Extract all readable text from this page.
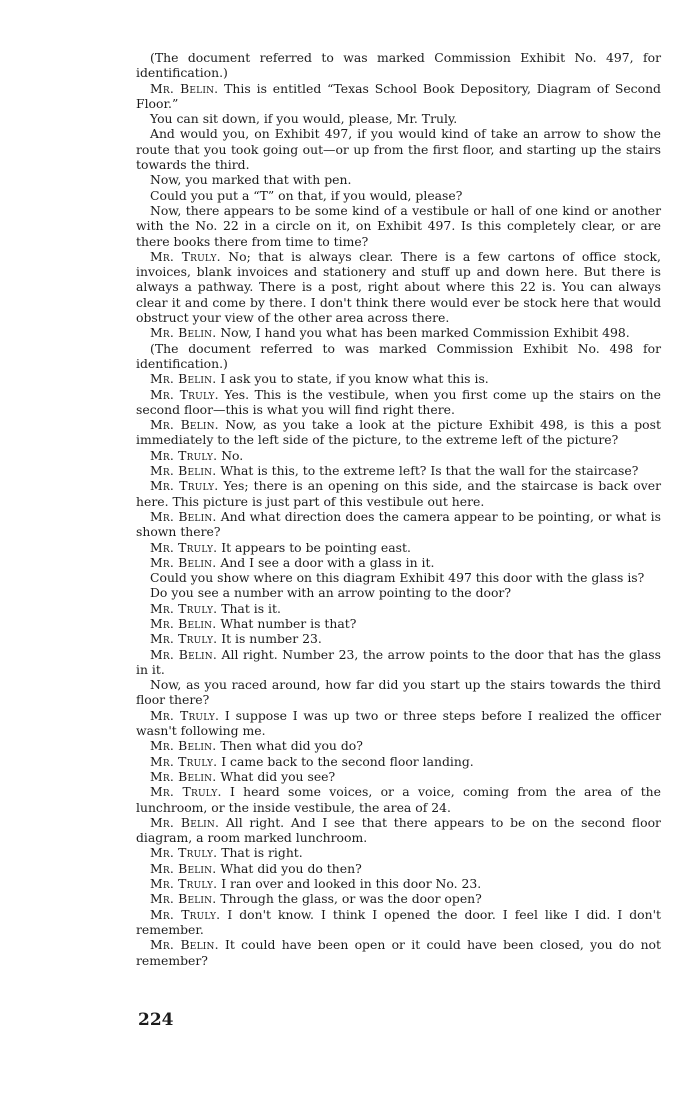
(The document referred to was marked Commission Exhibit No. 497, for identification.)

Mr. Belin. This is entitled “Texas School Book Depository, Diagram of Second Floor.”

You can sit down, if you would, please, Mr. Truly.

And would you, on Exhibit 497, if you would kind of take an arrow to show the route that you took going out—or up from the first floor, and starting up the stairs towards the third.

Now, you marked that with pen.

Could you put a “T” on that, if you would, please?

Now, there appears to be some kind of a vestibule or hall of one kind or another with the No. 22 in a circle on it, on Exhibit 497. Is this completely clear, or are there books there from time to time?

Mr. Truly. No; that is always clear. There is a few cartons of office stock, invoices, blank invoices and stationery and stuff up and down here. But there is always a pathway. There is a post, right about where this 22 is. You can always clear it and come by there. I don't think there would ever be stock here that would obstruct your view of the other area across there.

Mr. Belin. Now, I hand you what has been marked Commission Exhibit 498.

(The document referred to was marked Commission Exhibit No. 498 for identification.)

Mr. Belin. I ask you to state, if you know what this is.

Mr. Truly. Yes. This is the vestibule, when you first come up the stairs on the second floor—this is what you will find right there.

Mr. Belin. Now, as you take a look at the picture Exhibit 498, is this a post immediately to the left side of the picture, to the extreme left of the picture?

Mr. Truly. No.

Mr. Belin. What is this, to the extreme left? Is that the wall for the staircase?

Mr. Truly. Yes; there is an opening on this side, and the staircase is back over here. This picture is just part of this vestibule out here.

Mr. Belin. And what direction does the camera appear to be pointing, or what is shown there?

Mr. Truly. It appears to be pointing east.

Mr. Belin. And I see a door with a glass in it.

Could you show where on this diagram Exhibit 497 this door with the glass is?

Do you see a number with an arrow pointing to the door?

Mr. Truly. That is it.

Mr. Belin. What number is that?

Mr. Truly. It is number 23.

Mr. Belin. All right. Number 23, the arrow points to the door that has the glass in it.

Now, as you raced around, how far did you start up the stairs towards the third floor there?

Mr. Truly. I suppose I was up two or three steps before I realized the officer wasn't following me.

Mr. Belin. Then what did you do?

Mr. Truly. I came back to the second floor landing.

Mr. Belin. What did you see?

Mr. Truly. I heard some voices, or a voice, coming from the area of the lunchroom, or the inside vestibule, the area of 24.

Mr. Belin. All right. And I see that there appears to be on the second floor diagram, a room marked lunchroom.

Mr. Truly. That is right.

Mr. Belin. What did you do then?

Mr. Truly. I ran over and looked in this door No. 23.

Mr. Belin. Through the glass, or was the door open?

Mr. Truly. I don't know. I think I opened the door. I feel like I did. I don't remember.

Mr. Belin. It could have been open or it could have been closed, you do not remember?

224
